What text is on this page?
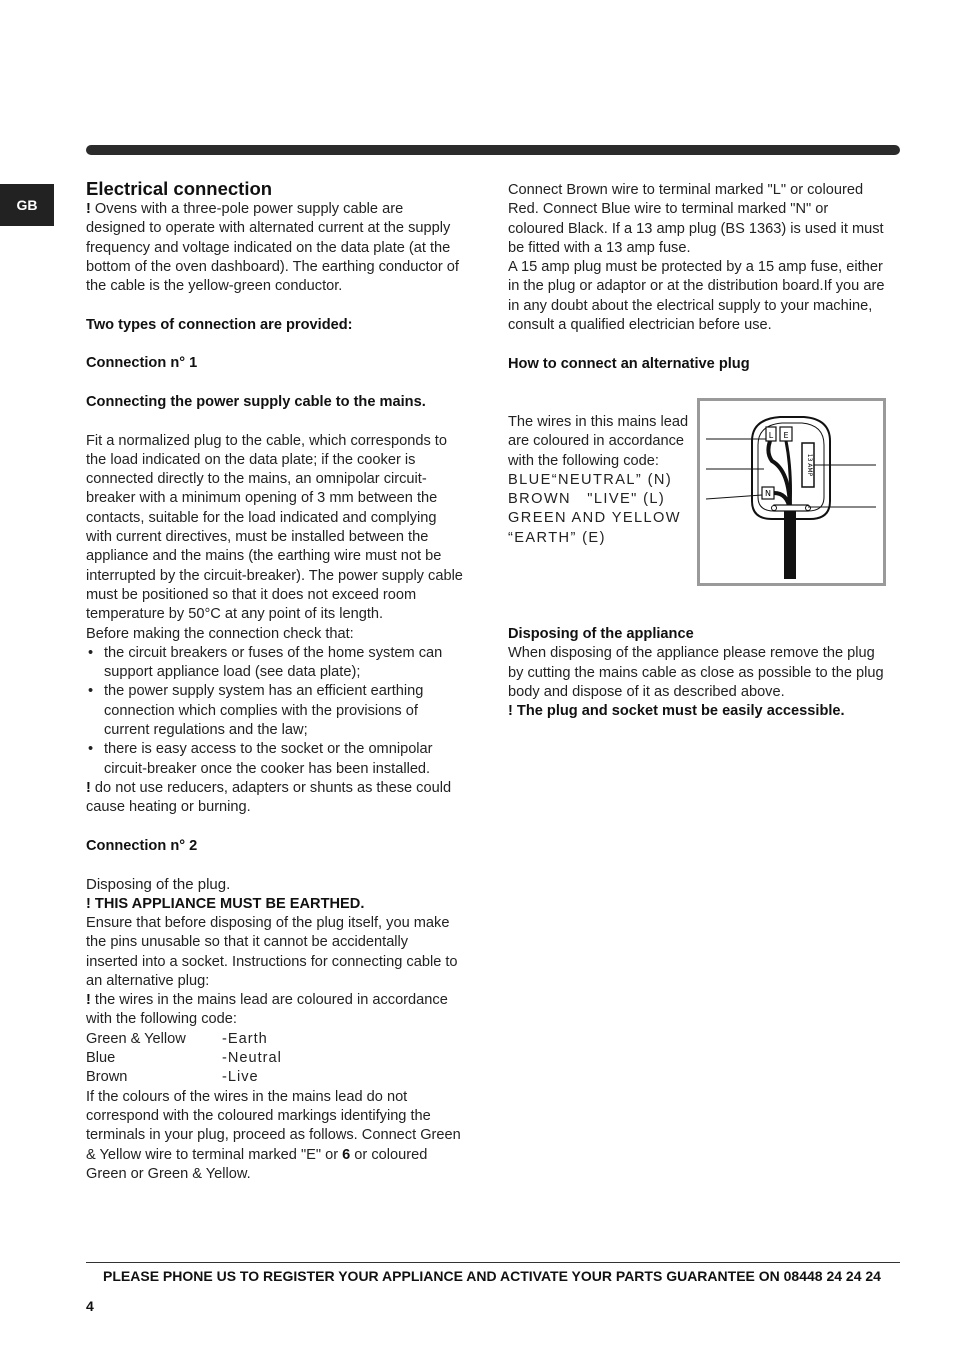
GB
Electrical connection

! Ovens with a three-pole power supply cable are designed to operate with alternated current at the supply frequency and voltage indicated on the data plate (at the bottom of the oven dashboard). The earthing conductor of the cable is the yellow-green conductor.

Two types of connection are provided:

Connection n° 1

Connecting the power supply cable to the mains.

Fit a normalized plug to the cable, which corresponds to the load indicated on the data plate; if the cooker is connected directly to the mains, an omnipolar circuit-breaker with a minimum opening of 3 mm between the contacts, suitable for the load indicated and complying with current directives, must be installed between the appliance and the mains (the earthing wire must not be interrupted by the circuit-breaker). The power supply cable must be positioned so that it does not exceed room temperature by 50°C at any point of its length.

Before making the connection check that:

• the circuit breakers or fuses of the home system can support appliance load (see data plate);
• the power supply system has an efficient earthing connection which complies with the provisions of current regulations and the law;
• there is easy access to the socket or the omnipolar circuit-breaker once the cooker has been installed.

! do not use reducers, adapters or shunts as these could cause heating or burning.

Connection n° 2

Disposing of the plug.

! THIS APPLIANCE MUST BE EARTHED.

Ensure that before disposing of the plug itself, you make the pins unusable so that it cannot be accidentally inserted into a socket. Instructions for connecting cable to an alternative plug:

! the wires in the mains lead are coloured in accordance with the following code:

Green & Yellow	-Earth
Blue	-Neutral
Brown	-Live

If the colours of the wires in the mains lead do not correspond with the coloured markings identifying the terminals in your plug, proceed as follows. Connect Green & Yellow wire to terminal marked "E" or 6 or coloured Green or Green & Yellow.

Connect Brown wire to terminal marked "L" or coloured Red. Connect Blue wire to terminal marked "N" or coloured Black. If a 13 amp plug (BS 1363) is used it must be fitted with a 13 amp fuse.

A 15 amp plug must be protected by a 15 amp fuse, either in the plug or adaptor or at the distribution board.If you are in any doubt about the electrical supply to your machine, consult a qualified electrician before use.

How to connect an alternative plug

The wires in this mains lead are coloured in accordance with the following code:

BLUE“NEUTRAL” (N)

BROWN   "LIVE" (L)

GREEN AND YELLOW

“EARTH” (E)

E
13 AMP
L
N

Disposing of the appliance

When disposing of the appliance please remove the plug by cutting the mains cable as close as possible to the plug body and dispose of it as described above.

! The plug and socket must be easily accessible.

PLEASE PHONE US TO REGISTER YOUR APPLIANCE AND ACTIVATE YOUR PARTS GUARANTEE ON 08448 24 24 24
4
